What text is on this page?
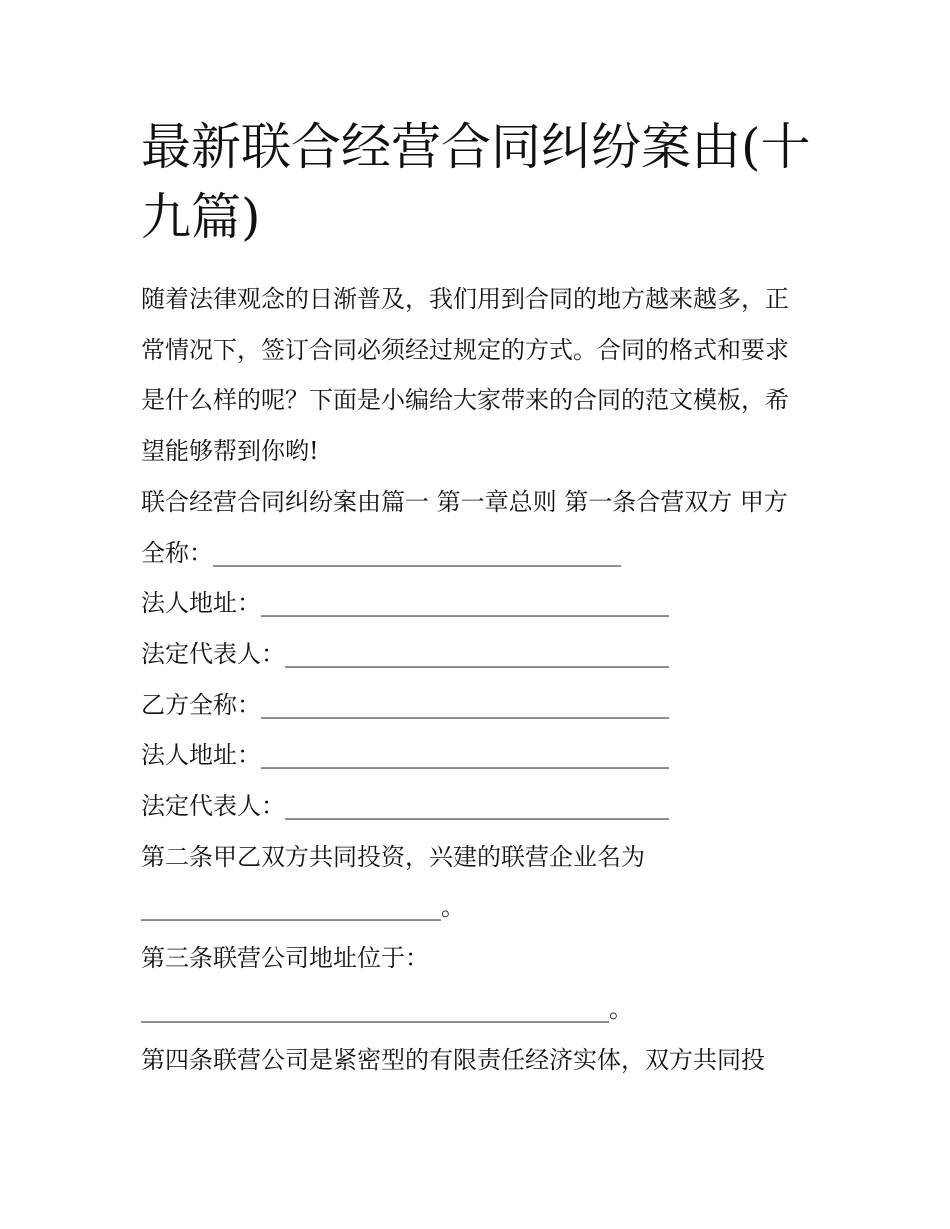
最新联合经营合同纠纷案由(十
九篇)

随着法律观念的日渐普及，我们用到合同的地方越来越多，正

常情况下，签订合同必须经过规定的方式。合同的格式和要求

是什么样的呢？下面是小编给大家带来的合同的范文模板，希

望能够帮到你哟!

联合经营合同纠纷案由篇一 第一章总则 第一条合营双方 甲方

全称：__________________________________

法人地址：__________________________________

法定代表人：________________________________

乙方全称：__________________________________

法人地址：__________________________________

法定代表人：________________________________

第二条甲乙双方共同投资，兴建的联营企业名为

_________________________。

第三条联营公司地址位于：

_______________________________________。

第四条联营公司是紧密型的有限责任经济实体，双方共同投
